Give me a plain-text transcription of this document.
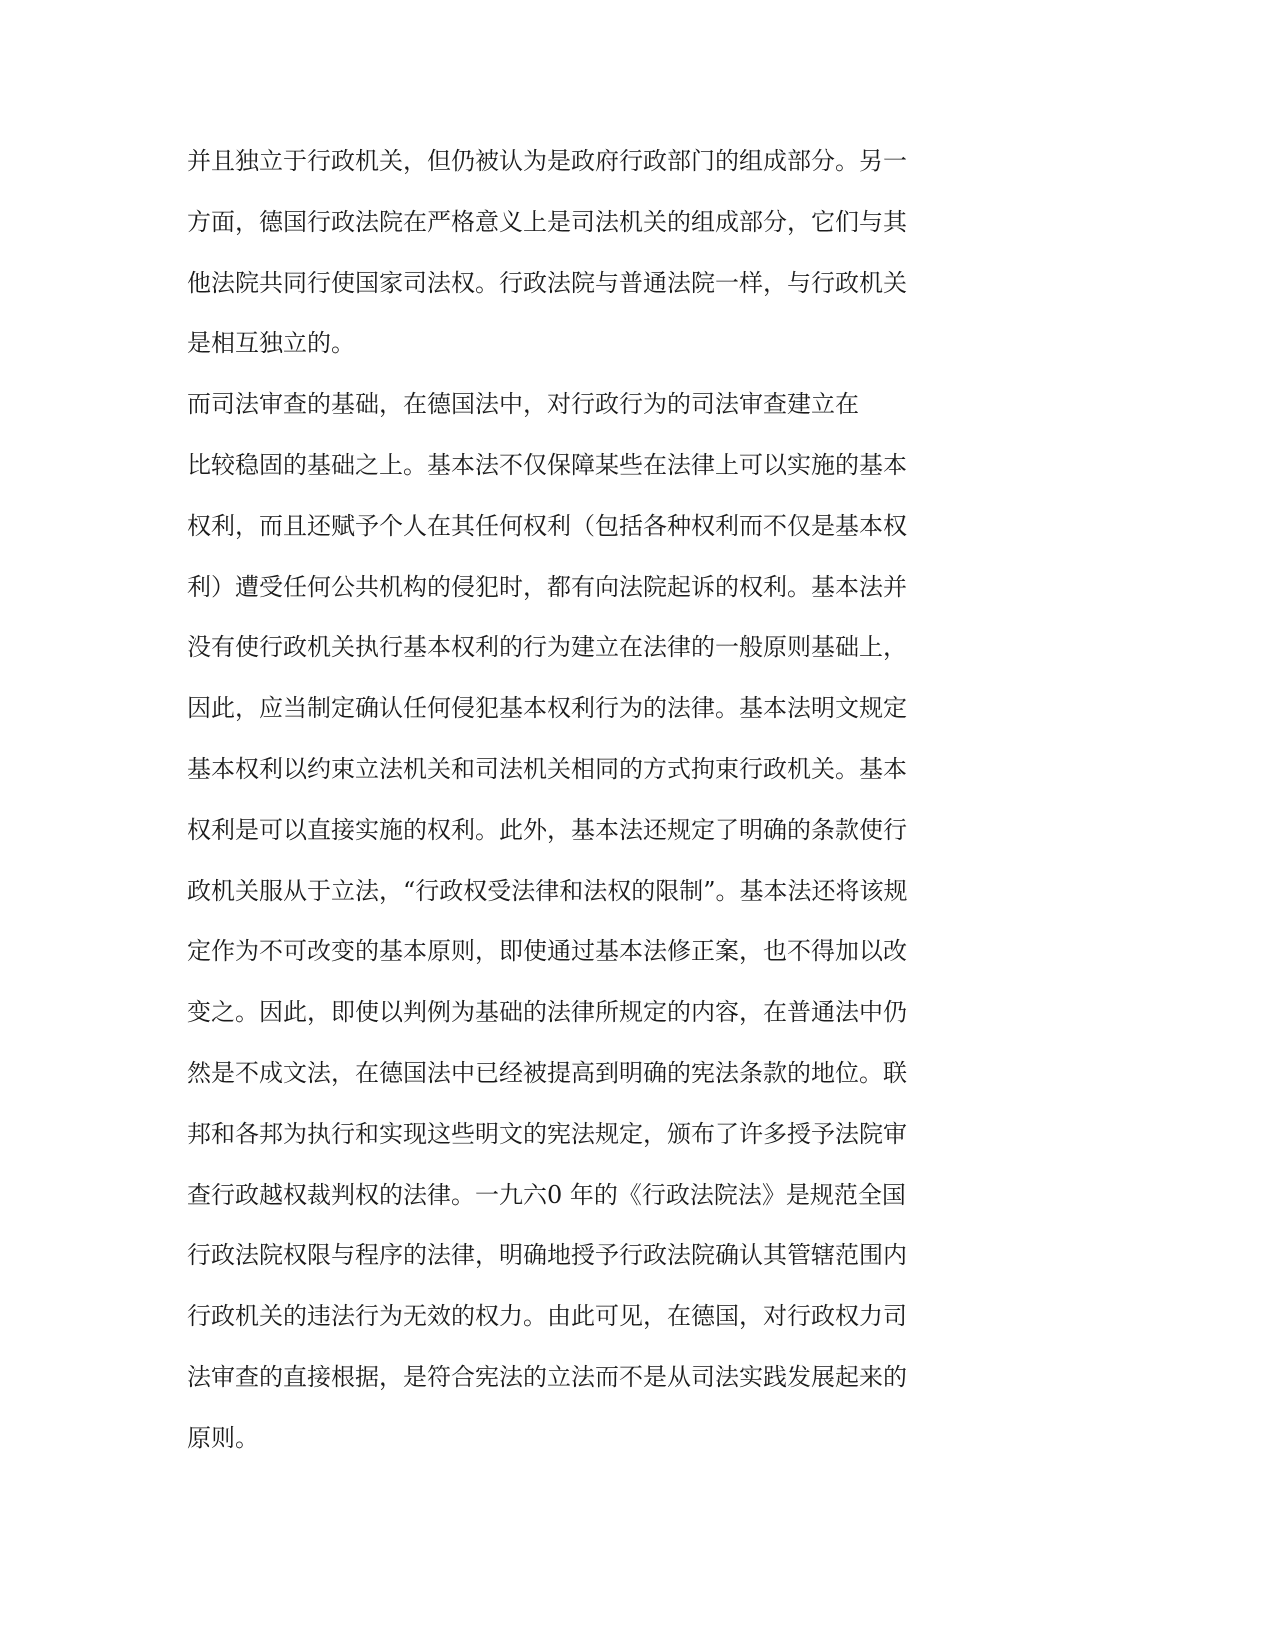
并且独立于行政机关，但仍被认为是政府行政部门的组成部分。另一
方面，德国行政法院在严格意义上是司法机关的组成部分，它们与其
他法院共同行使国家司法权。行政法院与普通法院一样，与行政机关
是相互独立的。
而司法审查的基础，在德国法中，对行政行为的司法审查建立在
比较稳固的基础之上。基本法不仅保障某些在法律上可以实施的基本
权利，而且还赋予个人在其任何权利（包括各种权利而不仅是基本权
利）遭受任何公共机构的侵犯时，都有向法院起诉的权利。基本法并
没有使行政机关执行基本权利的行为建立在法律的一般原则基础上，
因此，应当制定确认任何侵犯基本权利行为的法律。基本法明文规定
基本权利以约束立法机关和司法机关相同的方式拘束行政机关。基本
权利是可以直接实施的权利。此外，基本法还规定了明确的条款使行
政机关服从于立法，“行政权受法律和法权的限制”。基本法还将该规
定作为不可改变的基本原则，即使通过基本法修正案，也不得加以改
变之。因此，即使以判例为基础的法律所规定的内容，在普通法中仍
然是不成文法，在德国法中已经被提高到明确的宪法条款的地位。联
邦和各邦为执行和实现这些明文的宪法规定，颁布了许多授予法院审
查行政越权裁判权的法律。一九六0 年的《行政法院法》是规范全国
行政法院权限与程序的法律，明确地授予行政法院确认其管辖范围内
行政机关的违法行为无效的权力。由此可见，在德国，对行政权力司
法审查的直接根据，是符合宪法的立法而不是从司法实践发展起来的
原则。
